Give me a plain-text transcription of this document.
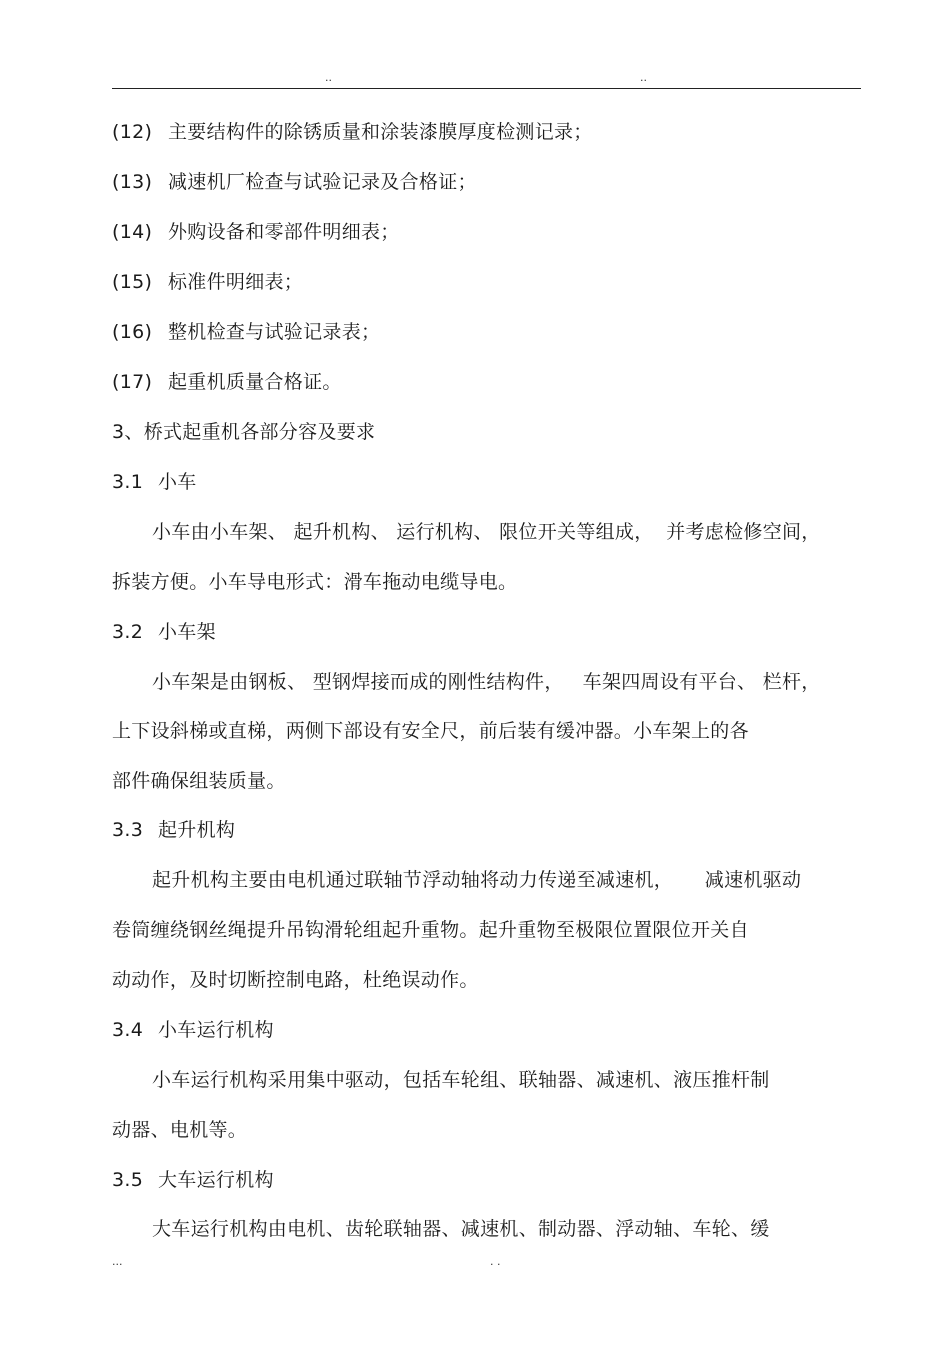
..	..
(12) 主要结构件的除锈质量和涂装漆膜厚度检测记录；
(13) 减速机厂检查与试验记录及合格证；
(14) 外购设备和零部件明细表；
(15) 标准件明细表；
(16) 整机检查与试验记录表；
(17) 起重机质量合格证。
3、桥式起重机各部分容及要求
3.1 小车
小车由小车架、 起升机构、 运行机构、 限位开关等组成，  并考虑检修空间，
拆装方便。小车导电形式：滑车拖动电缆导电。
3.2 小车架
小车架是由钢板、 型钢焊接而成的刚性结构件，   车架四周设有平台、 栏杆，
上下设斜梯或直梯，两侧下部设有安全尺，前后装有缓冲器。小车架上的各
部件确保组装质量。
3.3 起升机构
起升机构主要由电机通过联轴节浮动轴将动力传递至减速机，     减速机驱动
卷筒缠绕钢丝绳提升吊钩滑轮组起升重物。起升重物至极限位置限位开关自
动动作，及时切断控制电路，杜绝误动作。
3.4 小车运行机构
小车运行机构采用集中驱动，包括车轮组、联轴器、减速机、液压推杆制
动器、电机等。
3.5 大车运行机构
大车运行机构由电机、齿轮联轴器、减速机、制动器、浮动轴、车轮、缓
...	. .
